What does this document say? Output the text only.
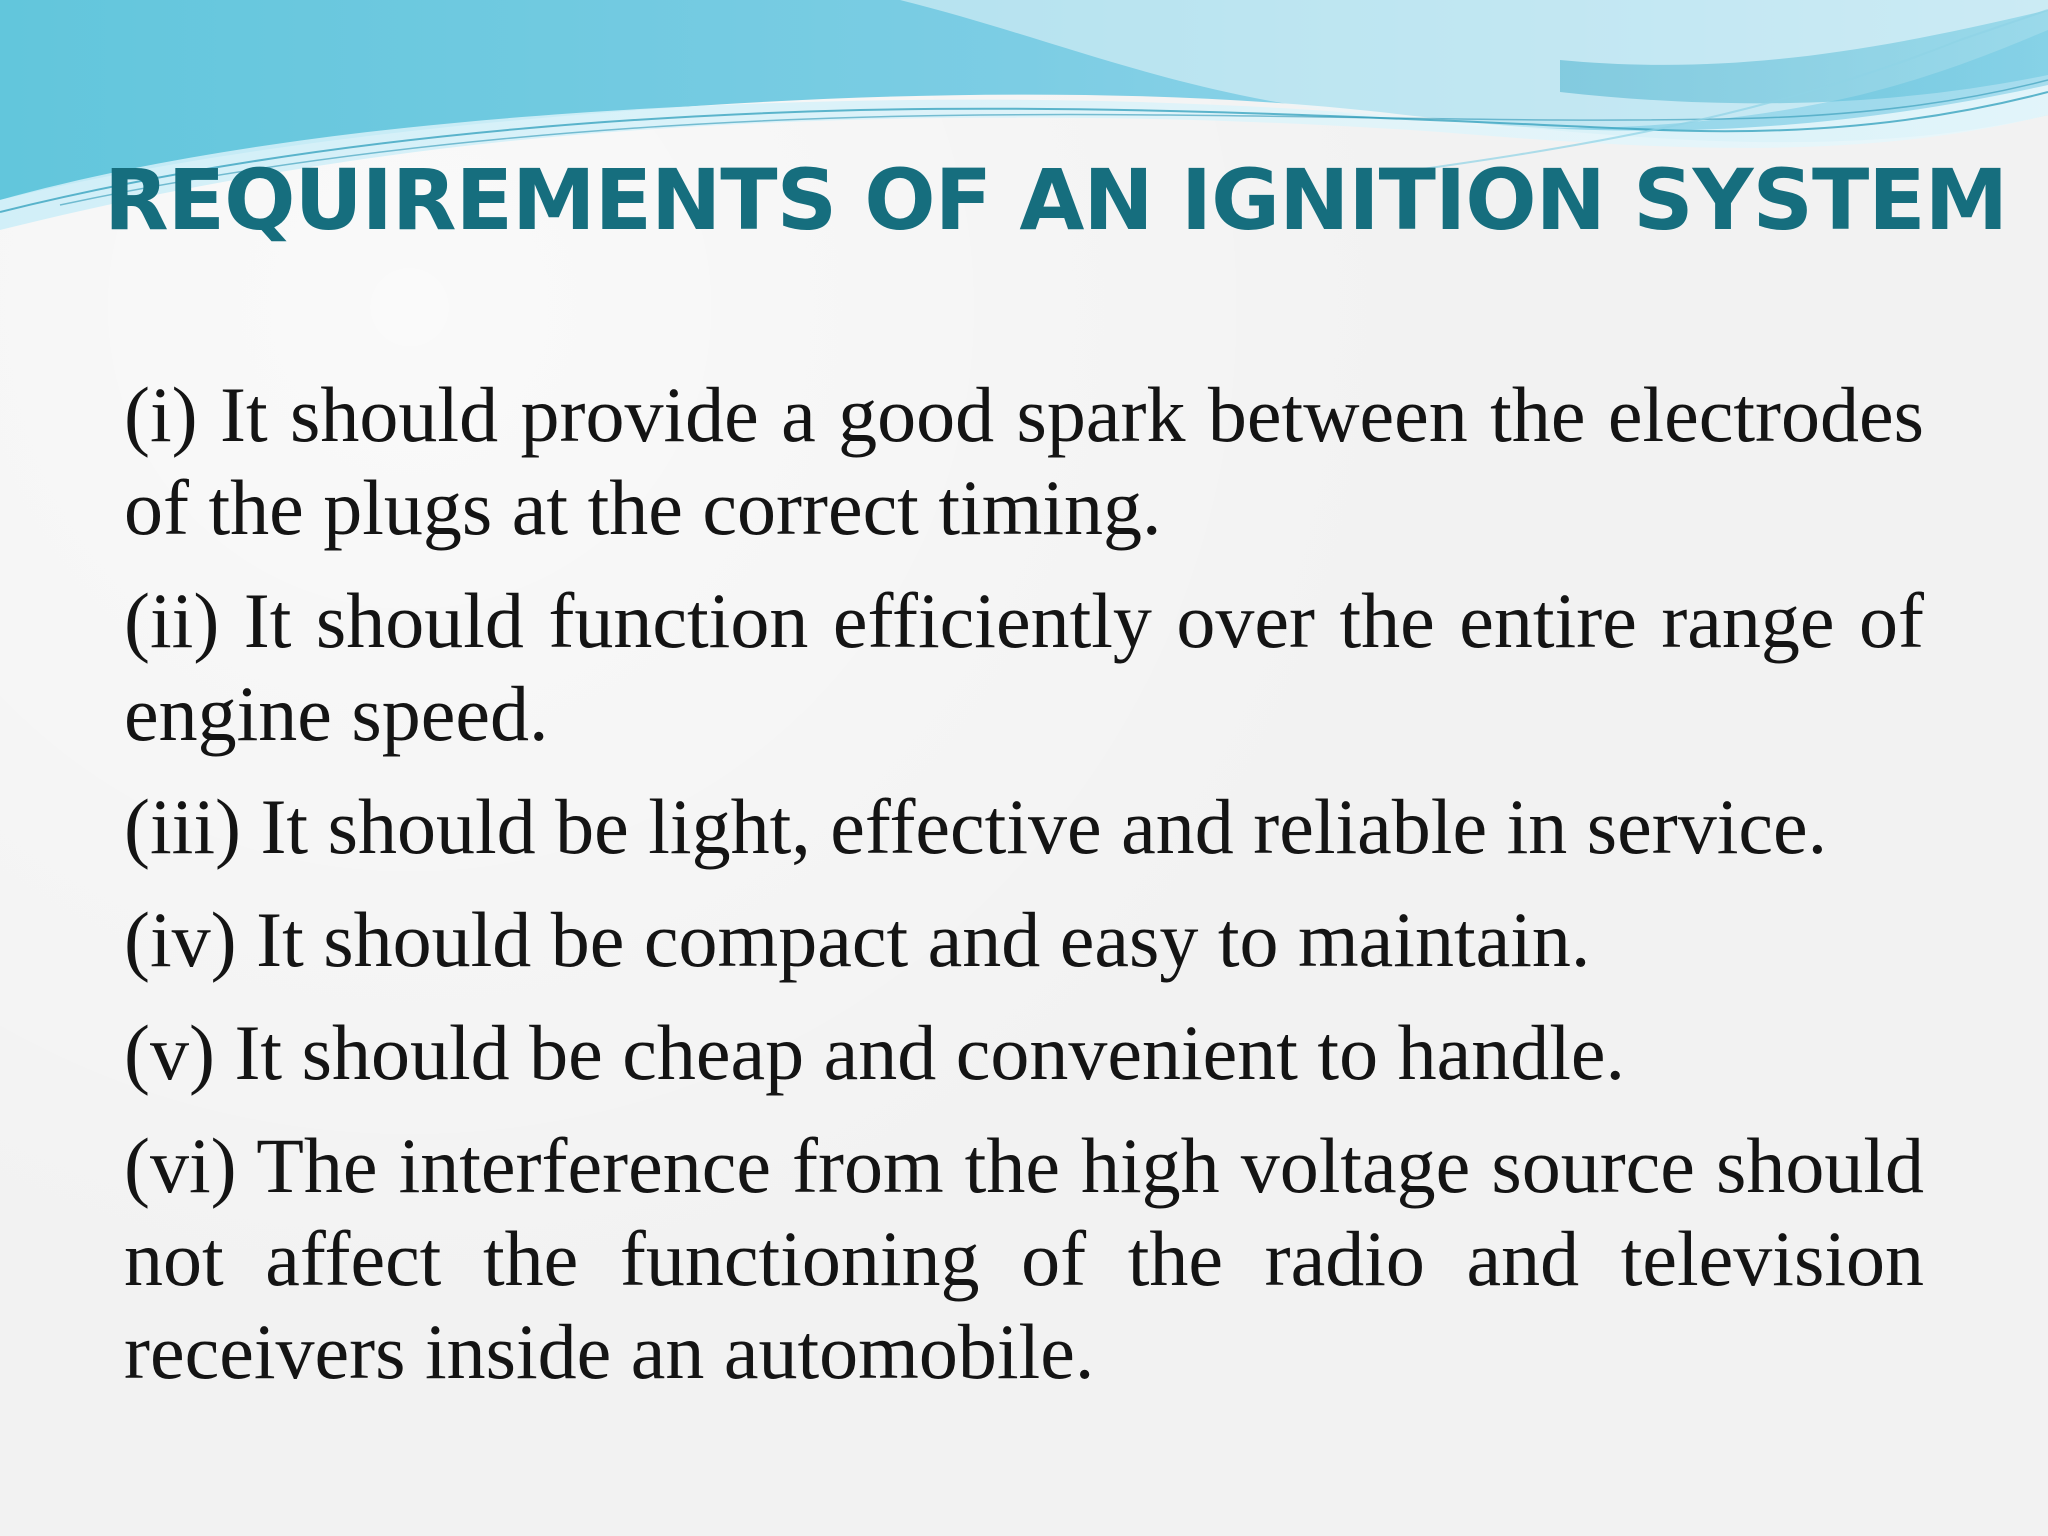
REQUIREMENTS OF AN IGNITION SYSTEM
(i) It should provide a good spark between the electrodes of the plugs at the correct timing.
(ii) It should function efficiently over the entire range of engine speed.
(iii) It should be light, effective and reliable in service.
(iv) It should be compact and easy to maintain.
(v) It should be cheap and convenient to handle.
(vi) The interference from the high voltage source should not affect the functioning of the radio and television receivers inside an automobile.
